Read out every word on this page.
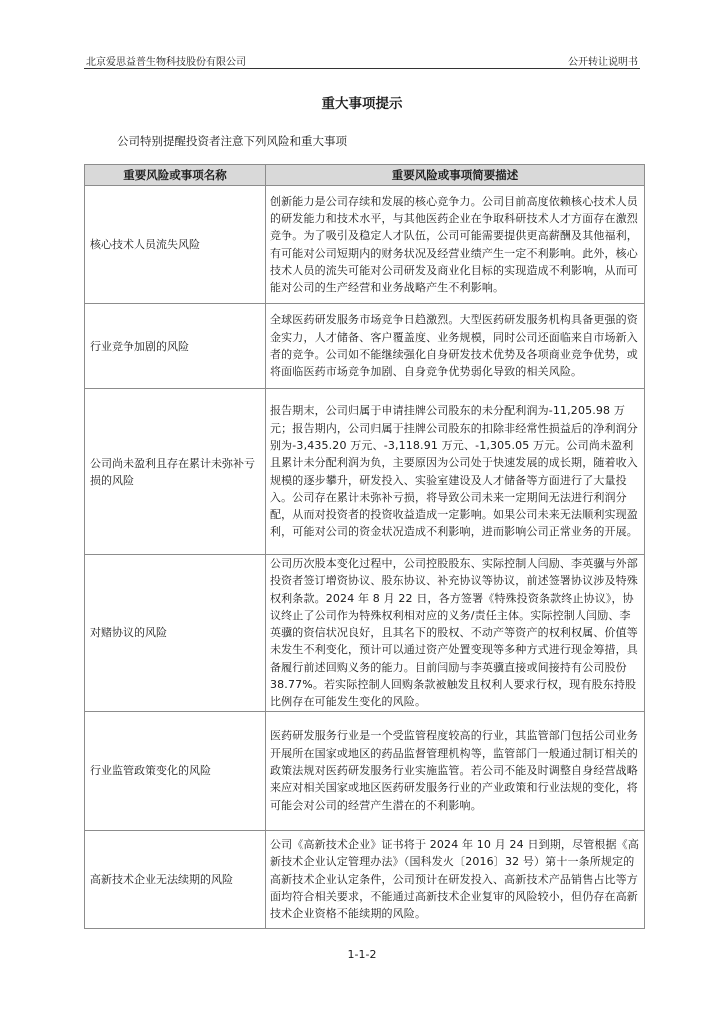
北京爱思益普生物科技股份有限公司	公开转让说明书
重大事项提示
公司特别提醒投资者注意下列风险和重大事项
重要风险或事项名称	重要风险或事项简要描述
核心技术人员流失风险	创新能力是公司存续和发展的核心竞争力。公司目前高度依赖核心技术人员的研发能力和技术水平，与其他医药企业在争取科研技术人才方面存在激烈竞争。为了吸引及稳定人才队伍，公司可能需要提供更高薪酬及其他福利，有可能对公司短期内的财务状况及经营业绩产生一定不利影响。此外，核心技术人员的流失可能对公司研发及商业化目标的实现造成不利影响，从而可能对公司的生产经营和业务战略产生不利影响。
行业竞争加剧的风险	全球医药研发服务市场竞争日趋激烈。大型医药研发服务机构具备更强的资金实力，人才储备、客户覆盖度、业务规模，同时公司还面临来自市场新入者的竞争。公司如不能继续强化自身研发技术优势及各项商业竞争优势，或将面临医药市场竞争加剧、自身竞争优势弱化导致的相关风险。
公司尚未盈利且存在累计未弥补亏损的风险	报告期末，公司归属于申请挂牌公司股东的未分配利润为-11,205.98 万元；报告期内，公司归属于挂牌公司股东的扣除非经常性损益后的净利润分别为-3,435.20 万元、-3,118.91 万元、-1,305.05 万元。公司尚未盈利且累计未分配利润为负，主要原因为公司处于快速发展的成长期，随着收入规模的逐步攀升，研发投入、实验室建设及人才储备等方面进行了大量投入。公司存在累计未弥补亏损，将导致公司未来一定期间无法进行利润分配，从而对投资者的投资收益造成一定影响。如果公司未来无法顺利实现盈利，可能对公司的资金状况造成不利影响，进而影响公司正常业务的开展。
对赌协议的风险	公司历次股本变化过程中，公司控股股东、实际控制人闫励、李英骥与外部投资者签订增资协议、股东协议、补充协议等协议，前述签署协议涉及特殊权利条款。2024 年 8 月 22 日，各方签署《特殊投资条款终止协议》，协议终止了公司作为特殊权利相对应的义务/责任主体。实际控制人闫励、李英骥的资信状况良好，且其名下的股权、不动产等资产的权利权属、价值等未发生不利变化，预计可以通过资产处置变现等多种方式进行现金筹措，具备履行前述回购义务的能力。目前闫励与李英骥直接或间接持有公司股份 38.77%。若实际控制人回购条款被触发且权利人要求行权，现有股东持股比例存在可能发生变化的风险。
行业监管政策变化的风险	医药研发服务行业是一个受监管程度较高的行业，其监管部门包括公司业务开展所在国家或地区的药品监督管理机构等，监管部门一般通过制订相关的政策法规对医药研发服务行业实施监管。若公司不能及时调整自身经营战略来应对相关国家或地区医药研发服务行业的产业政策和行业法规的变化，将可能会对公司的经营产生潜在的不利影响。
高新技术企业无法续期的风险	公司《高新技术企业》证书将于 2024 年 10 月 24 日到期，尽管根据《高新技术企业认定管理办法》（国科发火〔2016〕32 号）第十一条所规定的高新技术企业认定条件，公司预计在研发投入、高新技术产品销售占比等方面均符合相关要求，不能通过高新技术企业复审的风险较小，但仍存在高新技术企业资格不能续期的风险。
1-1-2
